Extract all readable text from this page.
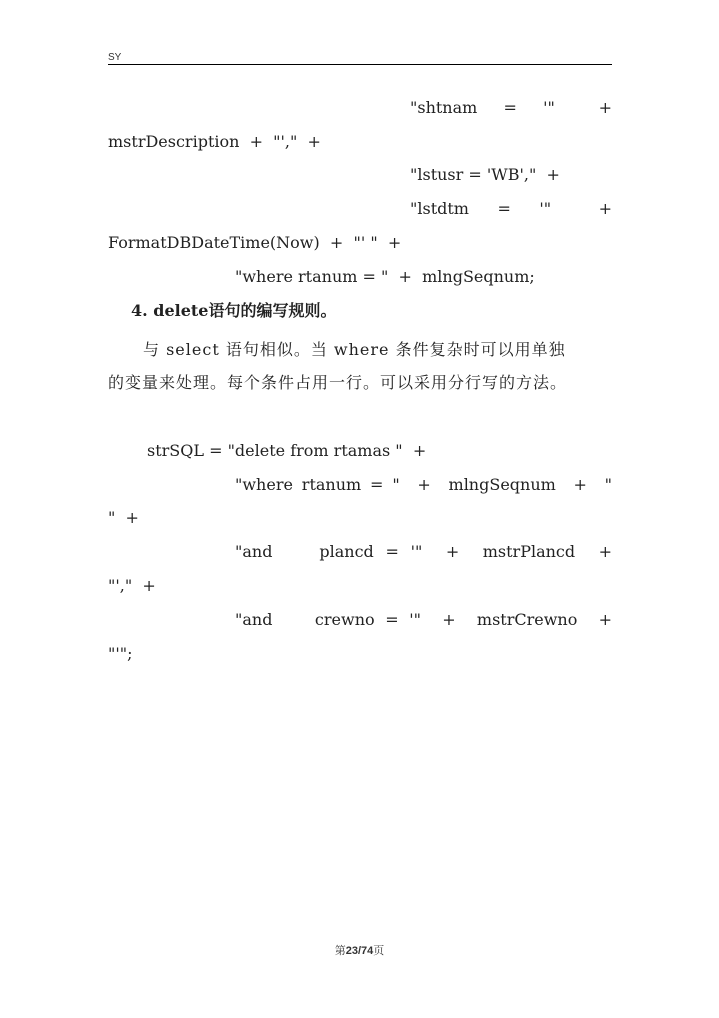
SY
"shtnam   =   '"     +
mstrDescription  +  "',"  +
"lstusr = 'WB',"  +
"lstdtm   =   '"     +
FormatDBDateTime(Now)  +  "' "  +
"where rtanum = "  +  mlngSeqnum;
4. delete语句的编写规则。
与 select 语句相似。当 where 条件复杂时可以用单独
的变量来处理。每个条件占用一行。可以采用分行写的方法。
strSQL = "delete from rtamas "  +
"where rtanum = "  +  mlngSeqnum  +  "
"  +
"and    plancd = '"  +  mstrPlancd  +
"',"  +
"and    crewno = '"  +  mstrCrewno  +
"'";
第23/74页
